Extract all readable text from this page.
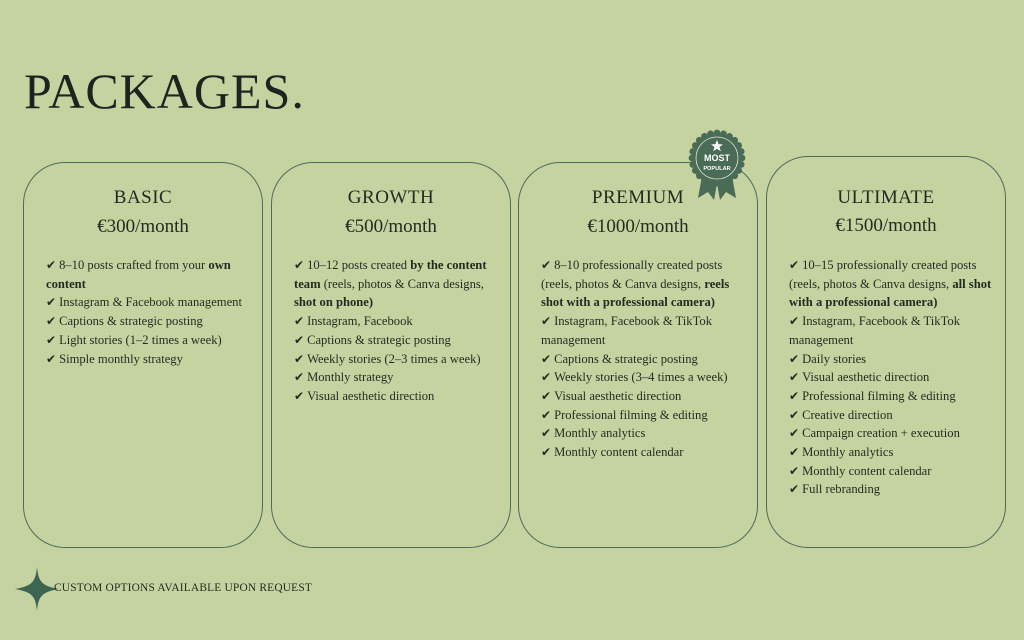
PACKAGES.
BASIC
€300/month
✔ 8–10 posts crafted from your own content
✔ Instagram & Facebook management
✔ Captions & strategic posting
✔ Light stories (1–2 times a week)
✔ Simple monthly strategy
GROWTH
€500/month
✔ 10–12 posts created by the content team (reels, photos & Canva designs, shot on phone)
✔ Instagram, Facebook
✔ Captions & strategic posting
✔ Weekly stories (2–3 times a week)
✔ Monthly strategy
✔ Visual aesthetic direction
PREMIUM
€1000/month
✔ 8–10 professionally created posts (reels, photos & Canva designs, reels shot with a professional camera)
✔ Instagram, Facebook & TikTok management
✔ Captions & strategic posting
✔ Weekly stories (3–4 times a week)
✔ Visual aesthetic direction
✔ Professional filming & editing
✔ Monthly analytics
✔ Monthly content calendar
ULTIMATE
€1500/month
✔ 10–15 professionally created posts (reels, photos & Canva designs, all shot with a professional camera)
✔ Instagram, Facebook & TikTok management
✔ Daily stories
✔ Visual aesthetic direction
✔ Professional filming & editing
✔ Creative direction
✔ Campaign creation + execution
✔ Monthly analytics
✔ Monthly content calendar
✔ Full rebranding
MOST
POPULAR
CUSTOM OPTIONS AVAILABLE UPON REQUEST
